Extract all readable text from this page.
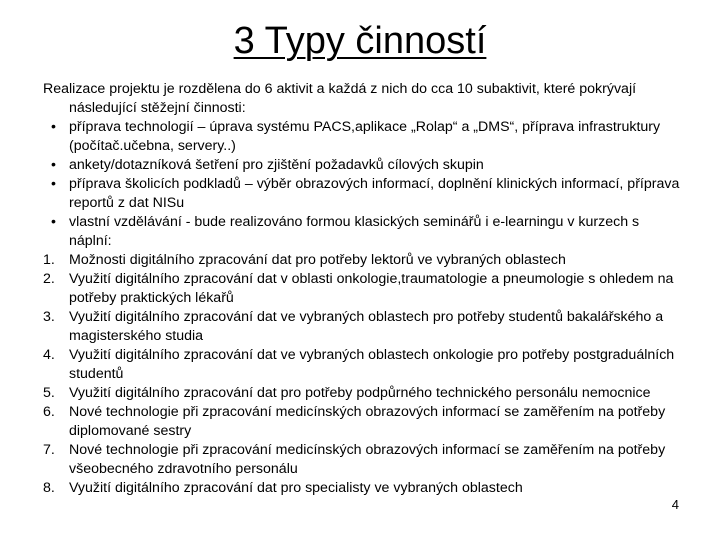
3 Typy činností

Realizace projektu je rozdělena do 6 aktivit a každá z nich do cca 10 subaktivit, které pokrývají následující stěžejní činnosti:

• příprava technologií – úprava systému PACS,aplikace „Rolap“ a „DMS“, příprava infrastruktury (počítač.učebna, servery..)
• ankety/dotazníková šetření pro zjištění požadavků cílových skupin
• příprava školicích podkladů – výběr obrazových informací, doplnění klinických informací, příprava reportů z dat NISu
• vlastní vzdělávání - bude realizováno formou klasických seminářů i e-learningu v kurzech s náplní:
1. Možnosti digitálního zpracování dat pro potřeby lektorů ve vybraných oblastech
2. Využití digitálního zpracování dat v oblasti onkologie,traumatologie a pneumologie s ohledem na potřeby praktických lékařů
3. Využití digitálního zpracování dat ve vybraných oblastech pro potřeby studentů bakalářského a magisterského studia
4. Využití digitálního zpracování dat ve vybraných oblastech onkologie pro potřeby postgraduálních studentů
5. Využití digitálního zpracování dat pro potřeby podpůrného technického personálu nemocnice
6. Nové technologie při zpracování medicínských obrazových informací se zaměřením na potřeby diplomované sestry
7. Nové technologie při zpracování medicínských obrazových informací se zaměřením na potřeby všeobecného zdravotního personálu
8. Využití digitálního zpracování dat pro specialisty ve vybraných oblastech
4
